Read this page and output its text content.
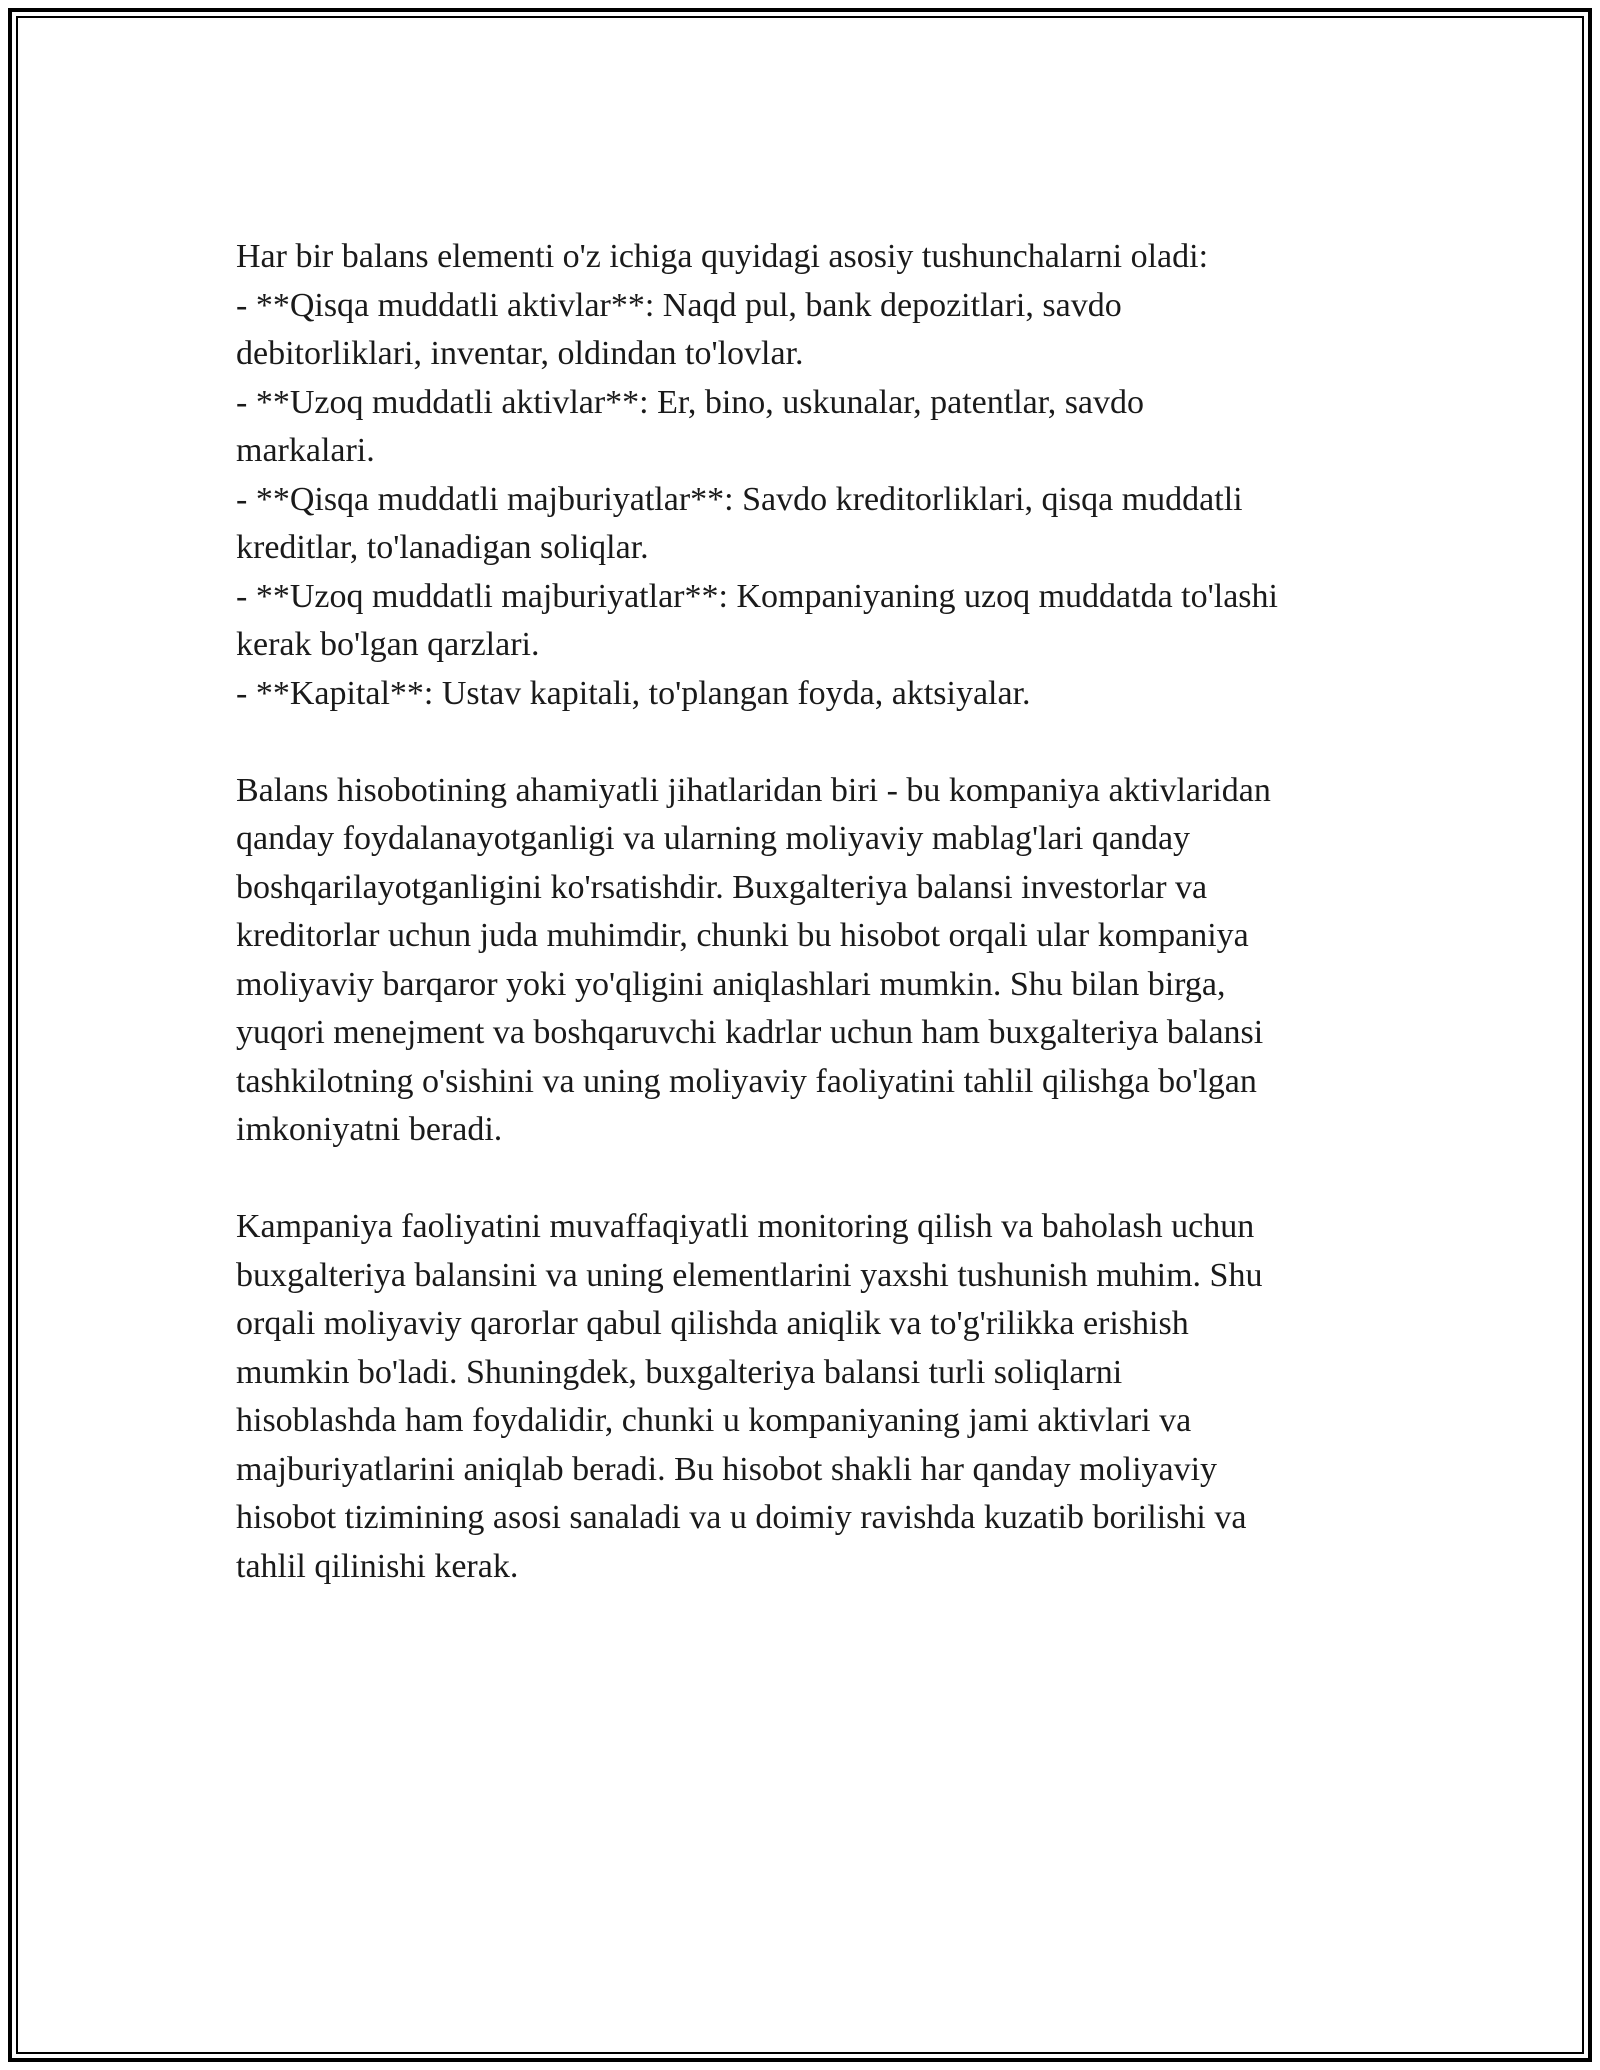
Har bir balans elementi o'z ichiga quyidagi asosiy tushunchalarni oladi:
- **Qisqa muddatli aktivlar**: Naqd pul, bank depozitlari, savdo
debitorliklari, inventar, oldindan to'lovlar.
- **Uzoq muddatli aktivlar**: Er, bino, uskunalar, patentlar, savdo
markalari.
- **Qisqa muddatli majburiyatlar**: Savdo kreditorliklari, qisqa muddatli
kreditlar, to'lanadigan soliqlar.
- **Uzoq muddatli majburiyatlar**: Kompaniyaning uzoq muddatda to'lashi
kerak bo'lgan qarzlari.
- **Kapital**: Ustav kapitali, to'plangan foyda, aktsiyalar.
Balans hisobotining ahamiyatli jihatlaridan biri - bu kompaniya aktivlaridan
qanday foydalanayotganligi va ularning moliyaviy mablag'lari qanday
boshqarilayotganligini ko'rsatishdir. Buxgalteriya balansi investorlar va
kreditorlar uchun juda muhimdir, chunki bu hisobot orqali ular kompaniya
moliyaviy barqaror yoki yo'qligini aniqlashlari mumkin. Shu bilan birga,
yuqori menejment va boshqaruvchi kadrlar uchun ham buxgalteriya balansi
tashkilotning o'sishini va uning moliyaviy faoliyatini tahlil qilishga bo'lgan
imkoniyatni beradi.
Kampaniya faoliyatini muvaffaqiyatli monitoring qilish va baholash uchun
buxgalteriya balansini va uning elementlarini yaxshi tushunish muhim. Shu
orqali moliyaviy qarorlar qabul qilishda aniqlik va to'g'rilikka erishish
mumkin bo'ladi. Shuningdek, buxgalteriya balansi turli soliqlarni
hisoblashda ham foydalidir, chunki u kompaniyaning jami aktivlari va
majburiyatlarini aniqlab beradi. Bu hisobot shakli har qanday moliyaviy
hisobot tizimining asosi sanaladi va u doimiy ravishda kuzatib borilishi va
tahlil qilinishi kerak.
